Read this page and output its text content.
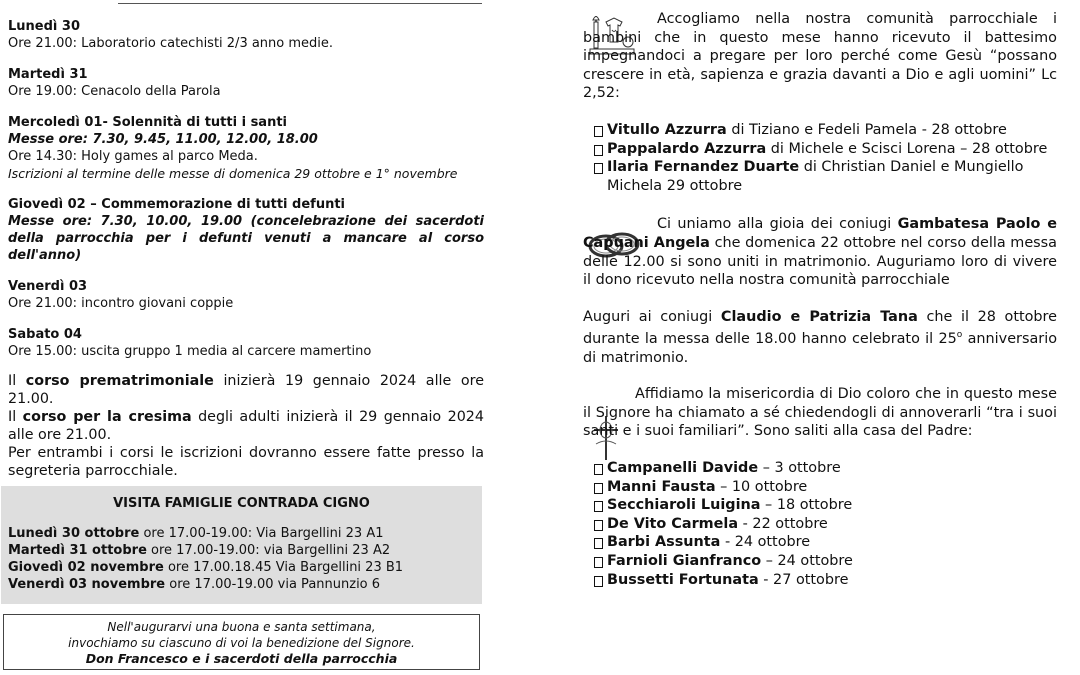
Lunedì 30
Ore 21.00: Laboratorio catechisti 2/3 anno medie.
Martedì 31
Ore 19.00: Cenacolo della Parola
Mercoledì 01- Solennità di tutti i santi
Messe ore: 7.30, 9.45, 11.00, 12.00, 18.00
Ore 14.30: Holy games al parco Meda.
Iscrizioni al termine delle messe di domenica 29 ottobre e 1° novembre
Giovedì 02 – Commemorazione di tutti defunti
Messe ore: 7.30, 10.00, 19.00 (concelebrazione dei sacerdoti della parrocchia per i defunti venuti a mancare al corso dell'anno)
Venerdì 03
Ore 21.00: incontro giovani coppie
Sabato 04
Ore 15.00: uscita gruppo 1 media al carcere mamertino

Il corso prematrimoniale inizierà 19 gennaio 2024 alle ore 21.00.

Il corso per la cresima degli adulti inizierà il 29 gennaio 2024 alle ore 21.00.

Per entrambi i corsi le iscrizioni dovranno essere fatte presso la segreteria parrocchiale.

VISITA FAMIGLIE CONTRADA CIGNO
Lunedì 30 ottobre ore 17.00-19.00: Via Bargellini 23 A1
Martedì 31 ottobre ore 17.00-19.00: via Bargellini 23 A2
Giovedì 02 novembre ore 17.00.18.45 Via Bargellini 23 B1
Venerdì 03 novembre ore 17.00-19.00 via Pannunzio 6
Nell'augurarvi una buona e santa settimana,
invochiamo su ciascuno di voi la benedizione del Signore.
Don Francesco e i sacerdoti della parrocchia

Accogliamo nella nostra comunità parrocchiale i bambini che in questo mese hanno ricevuto il battesimo impegnandoci a pregare per loro perché come Gesù “possano crescere in età, sapienza e grazia davanti a Dio e agli uomini” Lc 2,52:

Vitullo Azzurra di Tiziano e Fedeli Pamela - 28 ottobre
Pappalardo Azzurra di Michele e Scisci Lorena – 28 ottobre
Ilaria Fernandez Duarte di Christian Daniel e Mungiello Michela 29 ottobre

Ci uniamo alla gioia dei coniugi Gambatesa Paolo e Capuani Angela che domenica 22 ottobre nel corso della messa delle 12.00 si sono uniti in matrimonio. Auguriamo loro di vivere il dono ricevuto nella nostra comunità parrocchiale

Auguri ai coniugi Claudio e Patrizia Tana che il 28 ottobre durante la messa delle 18.00 hanno celebrato il 25$^o$ anniversario di matrimonio.

Affidiamo la misericordia di Dio coloro che in questo mese il Signore ha chiamato a sé chiedendogli di annoverarli “tra i suoi santi e i suoi familiari”. Sono saliti alla casa del Padre:

Campanelli Davide – 3 ottobre
Manni Fausta – 10 ottobre
Secchiaroli Luigina – 18 ottobre
De Vito Carmela - 22 ottobre
Barbi Assunta - 24 ottobre
Farnioli Gianfranco – 24 ottobre
Bussetti Fortunata - 27 ottobre
